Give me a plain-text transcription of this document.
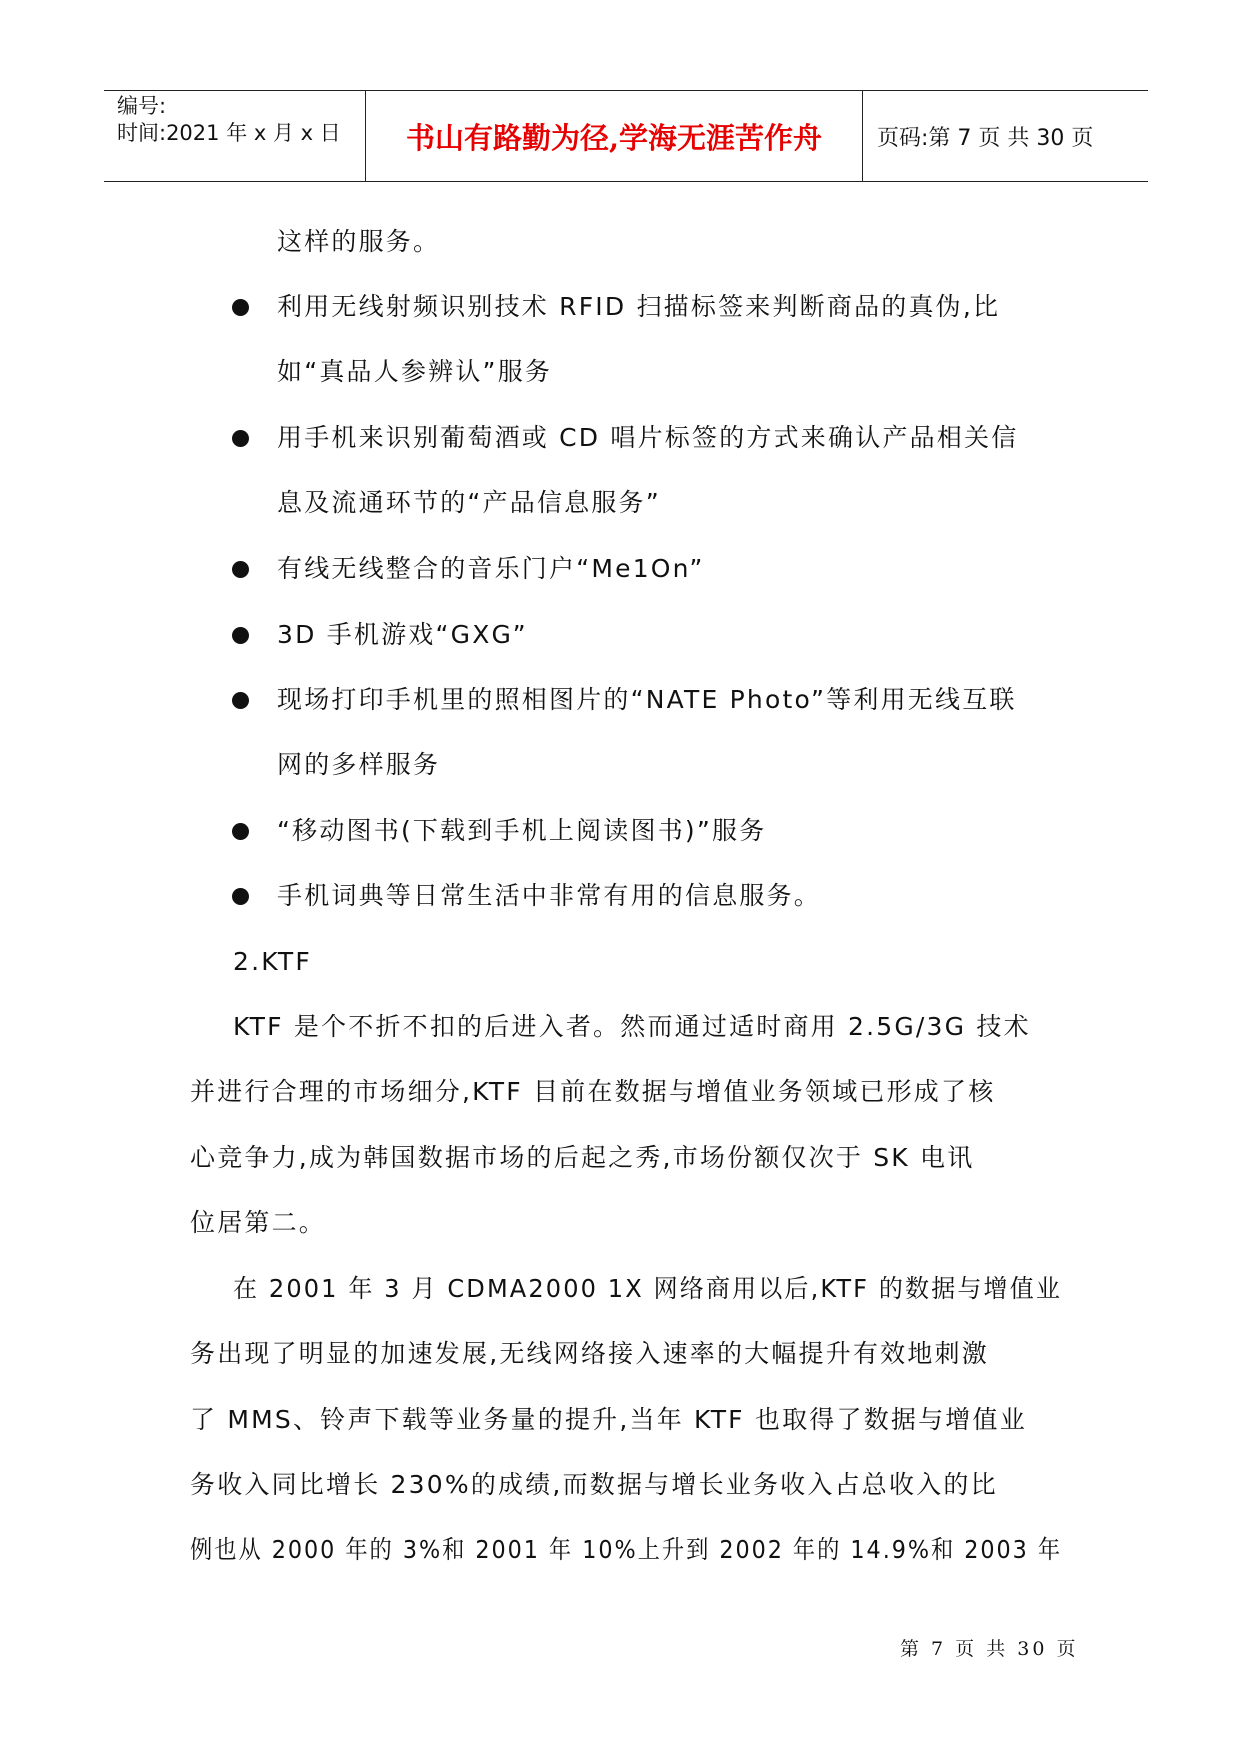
编号:
时间:2021 年 x 月 x 日	书山有路勤为径,学海无涯苦作舟	页码:第 7 页 共 30 页
这样的服务。
利用无线射频识别技术 RFID 扫描标签来判断商品的真伪,比
如“真品人参辨认”服务
用手机来识别葡萄酒或 CD 唱片标签的方式来确认产品相关信
息及流通环节的“产品信息服务”
有线无线整合的音乐门户“Me1On”
3D 手机游戏“GXG”
现场打印手机里的照相图片的“NATE Photo”等利用无线互联
网的多样服务
“移动图书(下载到手机上阅读图书)”服务
手机词典等日常生活中非常有用的信息服务。
2.KTF
KTF 是个不折不扣的后进入者。然而通过适时商用 2.5G/3G 技术
并进行合理的市场细分,KTF 目前在数据与增值业务领域已形成了核
心竞争力,成为韩国数据市场的后起之秀,市场份额仅次于 SK 电讯
位居第二。
在 2001 年 3 月 CDMA2000 1X 网络商用以后,KTF 的数据与增值业
务出现了明显的加速发展,无线网络接入速率的大幅提升有效地刺激
了 MMS、铃声下载等业务量的提升,当年 KTF 也取得了数据与增值业
务收入同比增长 230%的成绩,而数据与增长业务收入占总收入的比
例也从 2000 年的 3%和 2001 年 10%上升到 2002 年的 14.9%和 2003 年
第 7 页 共 30 页
